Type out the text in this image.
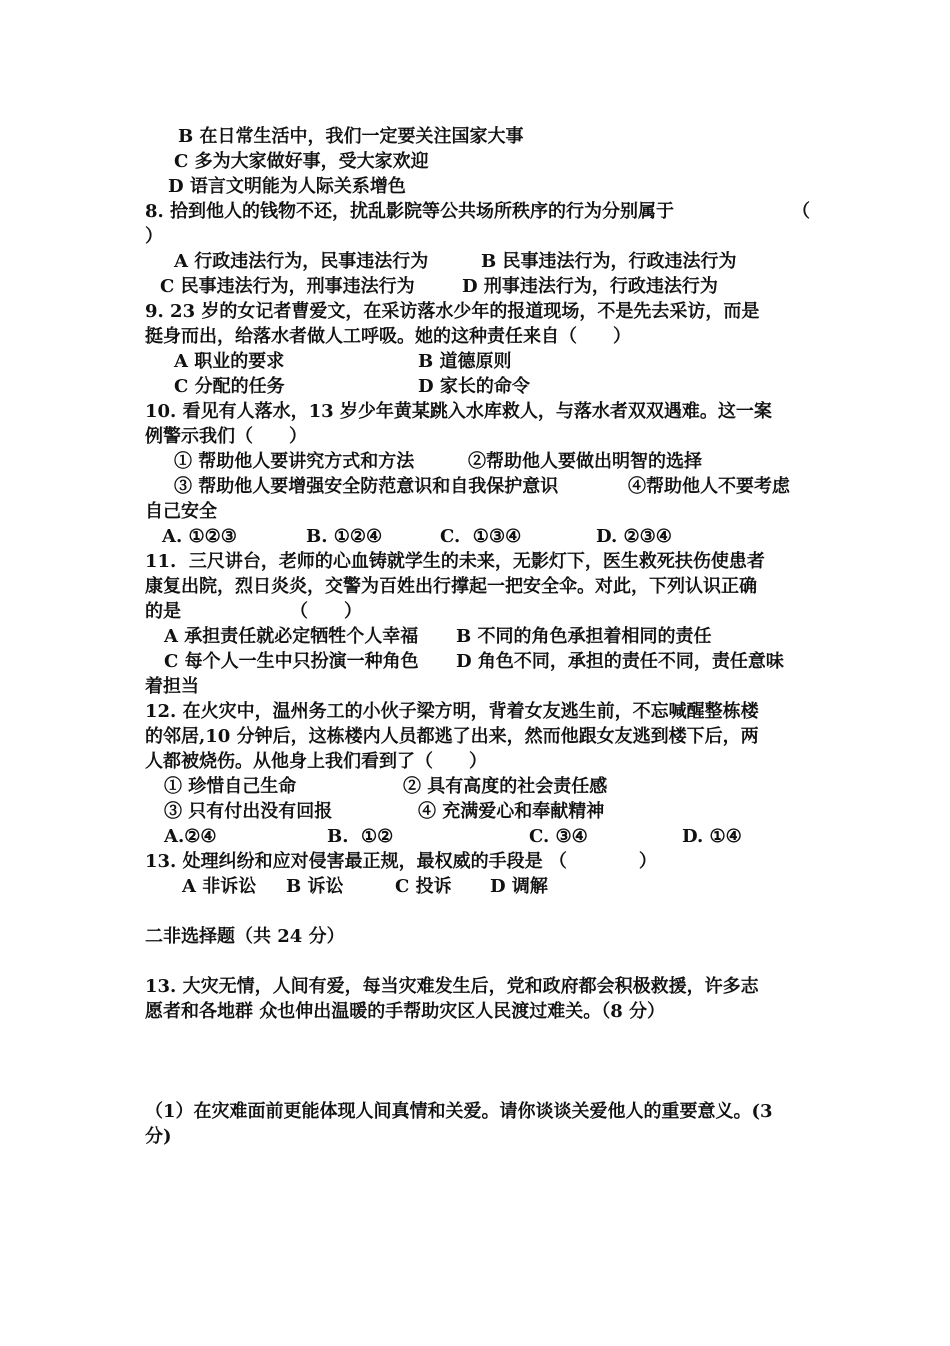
B 在日常生活中，我们一定要关注国家大事
C 多为大家做好事，受大家欢迎
D 语言文明能为人际关系增色
8. 拾到他人的钱物不还，扰乱影院等公共场所秩序的行为分别属于	（
）
A 行政违法行为，民事违法行为	B 民事违法行为，行政违法行为
C 民事违法行为，刑事违法行为	D 刑事违法行为，行政违法行为
9. 23 岁的女记者曹爱文，在采访落水少年的报道现场，不是先去采访，而是
挺身而出，给落水者做人工呼吸。她的这种责任来自（　　）
A 职业的要求	B 道德原则
C 分配的任务	D 家长的命令
10. 看见有人落水，13 岁少年黄某跳入水库救人，与落水者双双遇难。这一案
例警示我们（　　）
① 帮助他人要讲究方式和方法	②帮助他人要做出明智的选择
③ 帮助他人要增强安全防范意识和自我保护意识	④帮助他人不要考虑
自己安全
A. ①②③	B. ①②④	C.  ①③④	D. ②③④
11.  三尺讲台，老师的心血铸就学生的未来，无影灯下，医生救死扶伤使患者
康复出院，烈日炎炎，交警为百姓出行撑起一把安全伞。对此，下列认识正确
的是	（　　）
A 承担责任就必定牺牲个人幸福 B 不同的角色承担着相同的责任
C 每个人一生中只扮演一种角色 D 角色不同，承担的责任不同，责任意味
着担当
12. 在火灾中，温州务工的小伙子梁方明，背着女友逃生前，不忘喊醒整栋楼
的邻居,10 分钟后，这栋楼内人员都逃了出来，然而他跟女友逃到楼下后，两
人都被烧伤。从他身上我们看到了（　　）
① 珍惜自己生命	② 具有高度的社会责任感
③ 只有付出没有回报	④ 充满爱心和奉献精神
A.②④	B.  ①②	C. ③④	D. ①④
13. 处理纠纷和应对侵害最正规，最权威的手段是 （　　　　）
A 非诉讼 B 诉讼	C 投诉 D 调解
二非选择题（共 24 分）
13. 大灾无情，人间有爱，每当灾难发生后，党和政府都会积极救援，许多志
愿者和各地群 众也伸出温暖的手帮助灾区人民渡过难关。（8 分）
（1）在灾难面前更能体现人间真情和关爱。请你谈谈关爱他人的重要意义。(3
分)
